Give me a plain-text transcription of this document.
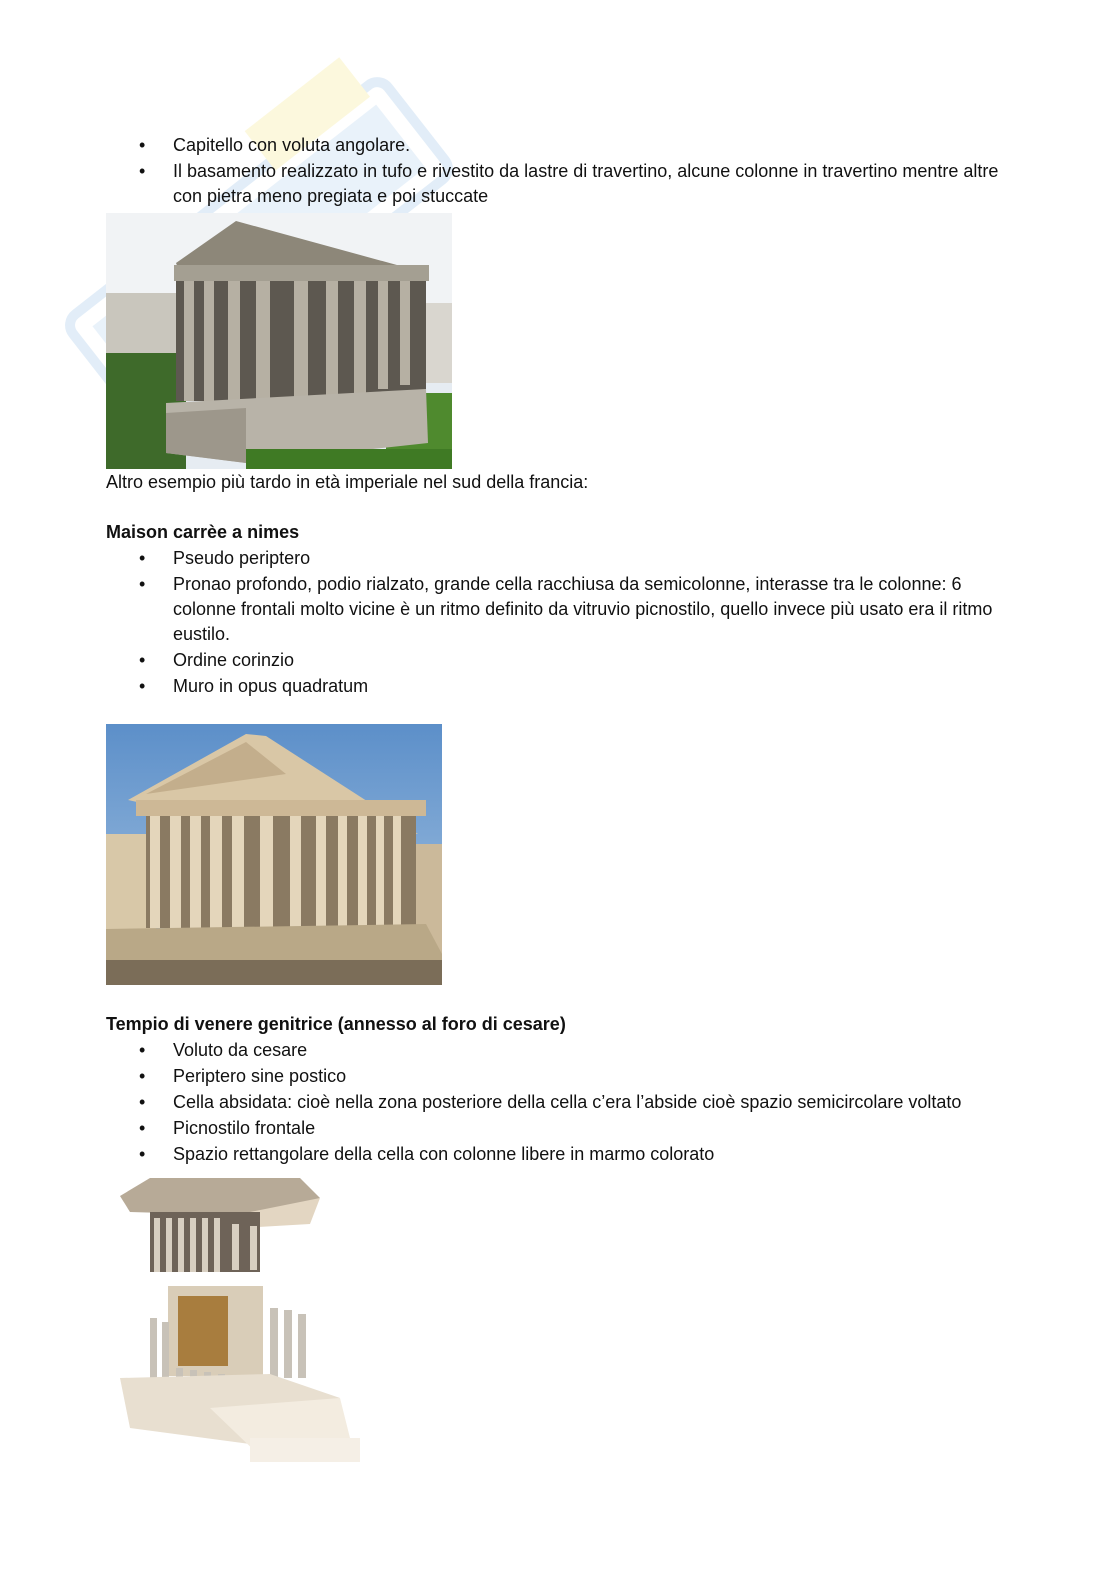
• Capitello con voluta angolare.
• Il basamento realizzato in tufo e rivestito da lastre di travertino, alcune colonne in travertino mentre altre con pietra meno pregiata e poi stuccate
Altro esempio più tardo in età imperiale nel sud della francia:
Maison carrèe a nimes
• Pseudo periptero
• Pronao profondo, podio rialzato, grande cella racchiusa da semicolonne, interasse tra le colonne: 6 colonne frontali molto vicine è un ritmo definito da vitruvio picnostilo, quello invece più usato era il ritmo eustilo.
• Ordine corinzio
• Muro in opus quadratum
Tempio di venere genitrice (annesso al foro di cesare)
• Voluto da cesare
• Periptero sine postico
• Cella absidata: cioè nella zona posteriore della cella c’era l’abside cioè spazio semicircolare voltato
• Picnostilo frontale
• Spazio rettangolare della cella con colonne libere in marmo colorato
